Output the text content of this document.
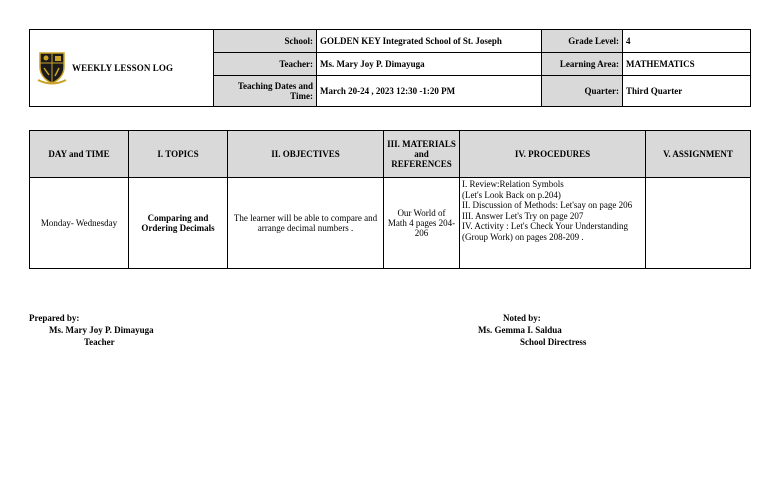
WEEKLY LESSON LOG	School:	GOLDEN KEY Integrated School of St. Joseph	Grade Level:	4
	Teacher:	Ms. Mary Joy P. Dimayuga	Learning Area:	MATHEMATICS
	Teaching Dates and Time:	March 20-24 , 2023 12:30 -1:20 PM	Quarter:	Third Quarter
DAY and TIME	I. TOPICS	II. OBJECTIVES	III. MATERIALS and REFERENCES	IV. PROCEDURES	V. ASSIGNMENT
Monday- Wednesday	Comparing and Ordering Decimals	The learner will be able to compare and arrange decimal numbers .	Our World of Math 4 pages 204-206	I. Review:Relation Symbols
(Let's Look Back on p.204)
II. Discussion of Methods: Let'say on page 206
III. Answer Let's Try on page 207
IV. Activity : Let's Check Your Understanding (Group Work) on pages 208-209 .	

Prepared by:
Ms. Mary Joy P. Dimayuga
Teacher
Noted by:
Ms. Gemma I. Saldua
School Directress
